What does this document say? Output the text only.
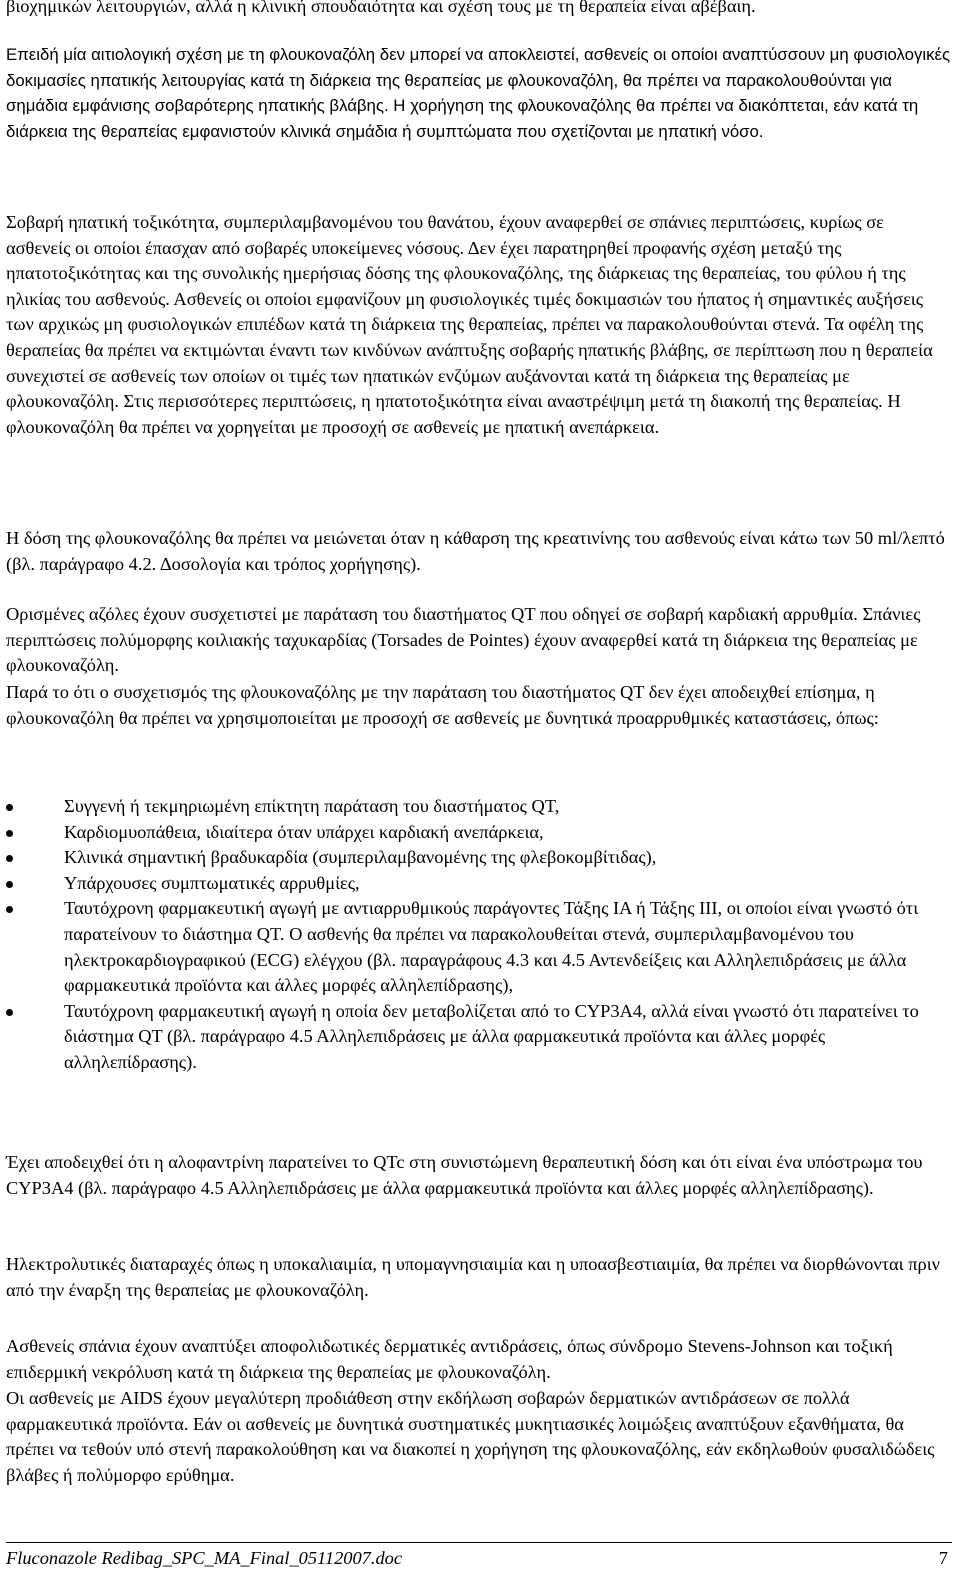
βιοχημικών λειτουργιών, αλλά η κλινική σπουδαιότητα και σχέση τους με τη θεραπεία είναι αβέβαιη.

Επειδή μία αιτιολογική σχέση με τη φλουκοναζόλη δεν μπορεί να αποκλειστεί, ασθενείς οι οποίοι αναπτύσσουν μη φυσιολογικές δοκιμασίες ηπατικής λειτουργίας κατά τη διάρκεια της θεραπείας με φλουκοναζόλη, θα πρέπει να παρακολουθούνται για σημάδια εμφάνισης σοβαρότερης ηπατικής βλάβης. Η χορήγηση της φλουκοναζόλης θα πρέπει να διακόπτεται, εάν κατά τη διάρκεια της θεραπείας εμφανιστούν κλινικά σημάδια ή συμπτώματα που σχετίζονται με ηπατική νόσο.

Σοβαρή ηπατική τοξικότητα, συμπεριλαμβανομένου του θανάτου, έχουν αναφερθεί σε σπάνιες περιπτώσεις, κυρίως σε ασθενείς οι οποίοι έπασχαν από σοβαρές υποκείμενες νόσους. Δεν έχει παρατηρηθεί προφανής σχέση μεταξύ της ηπατοτοξικότητας και της συνολικής ημερήσιας δόσης της φλουκοναζόλης, της διάρκειας της θεραπείας, του φύλου ή της ηλικίας του ασθενούς. Ασθενείς οι οποίοι εμφανίζουν μη φυσιολογικές τιμές δοκιμασιών του ήπατος ή σημαντικές αυξήσεις των αρχικώς μη φυσιολογικών επιπέδων κατά τη διάρκεια της θεραπείας, πρέπει να παρακολουθούνται στενά. Τα οφέλη της θεραπείας θα πρέπει να εκτιμώνται έναντι των κινδύνων ανάπτυξης σοβαρής ηπατικής βλάβης, σε περίπτωση που η θεραπεία συνεχιστεί σε ασθενείς των οποίων οι τιμές των ηπατικών ενζύμων αυξάνονται κατά τη διάρκεια της θεραπείας με φλουκοναζόλη. Στις περισσότερες περιπτώσεις, η ηπατοτοξικότητα είναι αναστρέψιμη μετά τη διακοπή της θεραπείας. Η φλουκοναζόλη θα πρέπει να χορηγείται με προσοχή σε ασθενείς με ηπατική ανεπάρκεια.

Η δόση της φλουκοναζόλης θα πρέπει να μειώνεται όταν η κάθαρση της κρεατινίνης του ασθενούς είναι κάτω των 50 ml/λεπτό (βλ. παράγραφο 4.2. Δοσολογία και τρόπος χορήγησης).

Ορισμένες αζόλες έχουν συσχετιστεί με παράταση του διαστήματος QT που οδηγεί σε σοβαρή καρδιακή αρρυθμία. Σπάνιες περιπτώσεις πολύμορφης κοιλιακής ταχυκαρδίας (Torsades de Pointes) έχουν αναφερθεί κατά τη διάρκεια της θεραπείας με φλουκοναζόλη.

Παρά το ότι ο συσχετισμός της φλουκοναζόλης με την παράταση του διαστήματος QT δεν έχει αποδειχθεί επίσημα, η φλουκοναζόλη θα πρέπει να χρησιμοποιείται με προσοχή σε ασθενείς με δυνητικά προαρρυθμικές καταστάσεις, όπως:

Συγγενή ή τεκμηριωμένη επίκτητη παράταση του διαστήματος QT,
Καρδιομυοπάθεια, ιδιαίτερα όταν υπάρχει καρδιακή ανεπάρκεια,
Κλινικά σημαντική βραδυκαρδία (συμπεριλαμβανομένης της φλεβοκομβίτιδας),
Υπάρχουσες συμπτωματικές αρρυθμίες,
Ταυτόχρονη φαρμακευτική αγωγή με αντιαρρυθμικούς παράγοντες Τάξης IA ή Τάξης III, οι οποίοι είναι γνωστό ότι παρατείνουν το διάστημα QT. O ασθενής θα πρέπει να παρακολουθείται στενά, συμπεριλαμβανομένου του ηλεκτροκαρδιογραφικού (ECG) ελέγχου (βλ. παραγράφους 4.3 και 4.5 Αντενδείξεις και Αλληλεπιδράσεις με άλλα φαρμακευτικά προϊόντα και άλλες μορφές αλληλεπίδρασης),
Ταυτόχρονη φαρμακευτική αγωγή η οποία δεν μεταβολίζεται από το CYP3A4, αλλά είναι γνωστό ότι παρατείνει το διάστημα QT (βλ. παράγραφο 4.5 Αλληλεπιδράσεις με άλλα φαρμακευτικά προϊόντα και άλλες μορφές αλληλεπίδρασης).

Έχει αποδειχθεί ότι η αλοφαντρίνη παρατείνει το QTc στη συνιστώμενη θεραπευτική δόση και ότι είναι ένα υπόστρωμα του CYP3A4 (βλ. παράγραφο 4.5 Αλληλεπιδράσεις με άλλα φαρμακευτικά προϊόντα και άλλες μορφές αλληλεπίδρασης).

Ηλεκτρολυτικές διαταραχές όπως η υποκαλιαιμία, η υπομαγνησιαιμία και η υποασβεστιαιμία, θα πρέπει να διορθώνονται πριν από την έναρξη της θεραπείας με φλουκοναζόλη.

Ασθενείς σπάνια έχουν αναπτύξει αποφολιδωτικές δερματικές αντιδράσεις, όπως σύνδρομο Stevens-Johnson και τοξική επιδερμική νεκρόλυση κατά τη διάρκεια της θεραπείας με φλουκοναζόλη.

Οι ασθενείς με AIDS έχουν μεγαλύτερη προδιάθεση στην εκδήλωση σοβαρών δερματικών αντιδράσεων σε πολλά φαρμακευτικά προϊόντα. Εάν οι ασθενείς με δυνητικά συστηματικές μυκητιασικές λοιμώξεις αναπτύξουν εξανθήματα, θα πρέπει να τεθούν υπό στενή παρακολούθηση και να διακοπεί η χορήγηση της φλουκοναζόλης, εάν εκδηλωθούν φυσαλιδώδεις βλάβες ή πολύμορφο ερύθημα.

Fluconazole Redibag_SPC_MA_Final_05112007.doc	7
